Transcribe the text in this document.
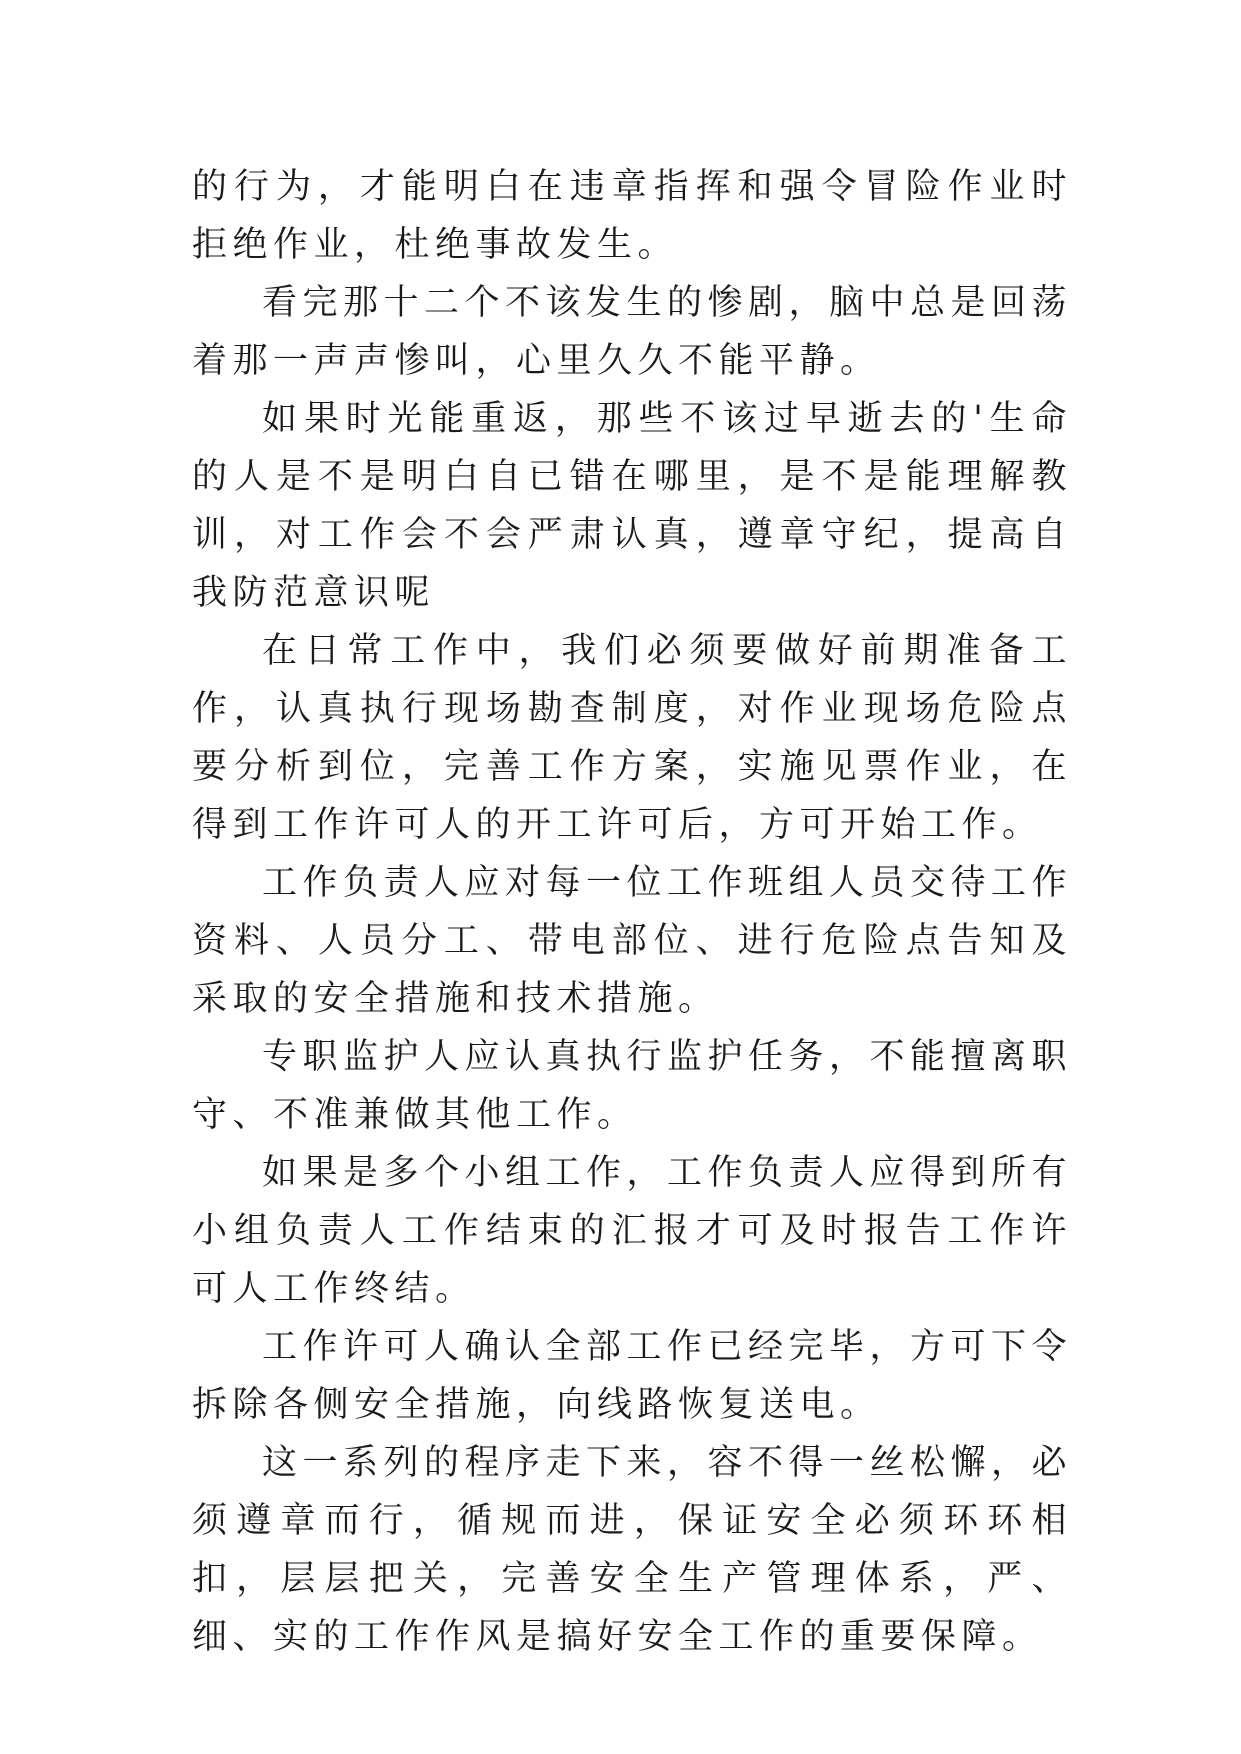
的行为，才能明白在违章指挥和强令冒险作业时拒绝作业，杜绝事故发生。

看完那十二个不该发生的惨剧，脑中总是回荡着那一声声惨叫，心里久久不能平静。

如果时光能重返，那些不该过早逝去的'生命的人是不是明白自已错在哪里，是不是能理解教训，对工作会不会严肃认真，遵章守纪，提高自我防范意识呢

在日常工作中，我们必须要做好前期准备工作，认真执行现场勘查制度，对作业现场危险点要分析到位，完善工作方案，实施见票作业，在得到工作许可人的开工许可后，方可开始工作。

工作负责人应对每一位工作班组人员交待工作资料、人员分工、带电部位、进行危险点告知及采取的安全措施和技术措施。

专职监护人应认真执行监护任务，不能擅离职守、不准兼做其他工作。

如果是多个小组工作，工作负责人应得到所有小组负责人工作结束的汇报才可及时报告工作许可人工作终结。

工作许可人确认全部工作已经完毕，方可下令拆除各侧安全措施，向线路恢复送电。

这一系列的程序走下来，容不得一丝松懈，必须遵章而行，循规而进，保证安全必须环环相扣，层层把关，完善安全生产管理体系，严、细、实的工作作风是搞好安全工作的重要保障。
